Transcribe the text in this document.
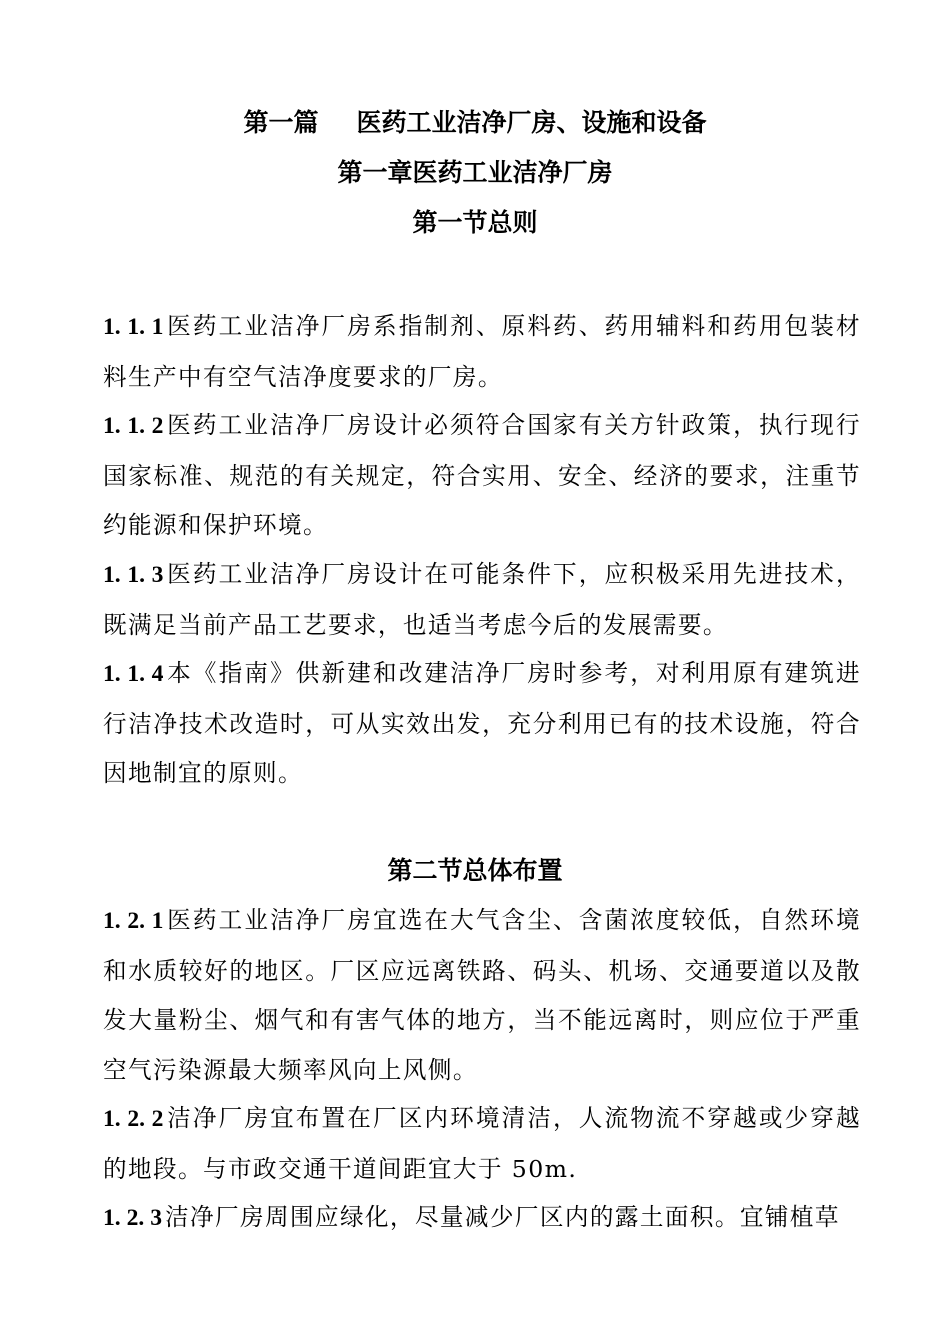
第一篇 医药工业洁净厂房、设施和设备
第一章医药工业洁净厂房
第一节总则
1. 1. 1 医药工业洁净厂房系指制剂、原料药、药用辅料和药用包装材料生产中有空气洁净度要求的厂房。
1. 1. 2 医药工业洁净厂房设计必须符合国家有关方针政策，执行现行国家标准、规范的有关规定，符合实用、安全、经济的要求，注重节约能源和保护环境。
1. 1. 3 医药工业洁净厂房设计在可能条件下，应积极采用先进技术，既满足当前产品工艺要求，也适当考虑今后的发展需要。
1. 1. 4 本《指南》供新建和改建洁净厂房时参考，对利用原有建筑进行洁净技术改造时，可从实效出发，充分利用已有的技术设施，符合因地制宜的原则。
第二节总体布置
1. 2. 1 医药工业洁净厂房宜选在大气含尘、含菌浓度较低，自然环境和水质较好的地区。厂区应远离铁路、码头、机场、交通要道以及散发大量粉尘、烟气和有害气体的地方，当不能远离时，则应位于严重空气污染源最大频率风向上风侧。
1. 2. 2 洁净厂房宜布置在厂区内环境清洁，人流物流不穿越或少穿越的地段。与市政交通干道间距宜大于 50m.
1. 2. 3 洁净厂房周围应绿化，尽量减少厂区内的露土面积。宜铺植草
